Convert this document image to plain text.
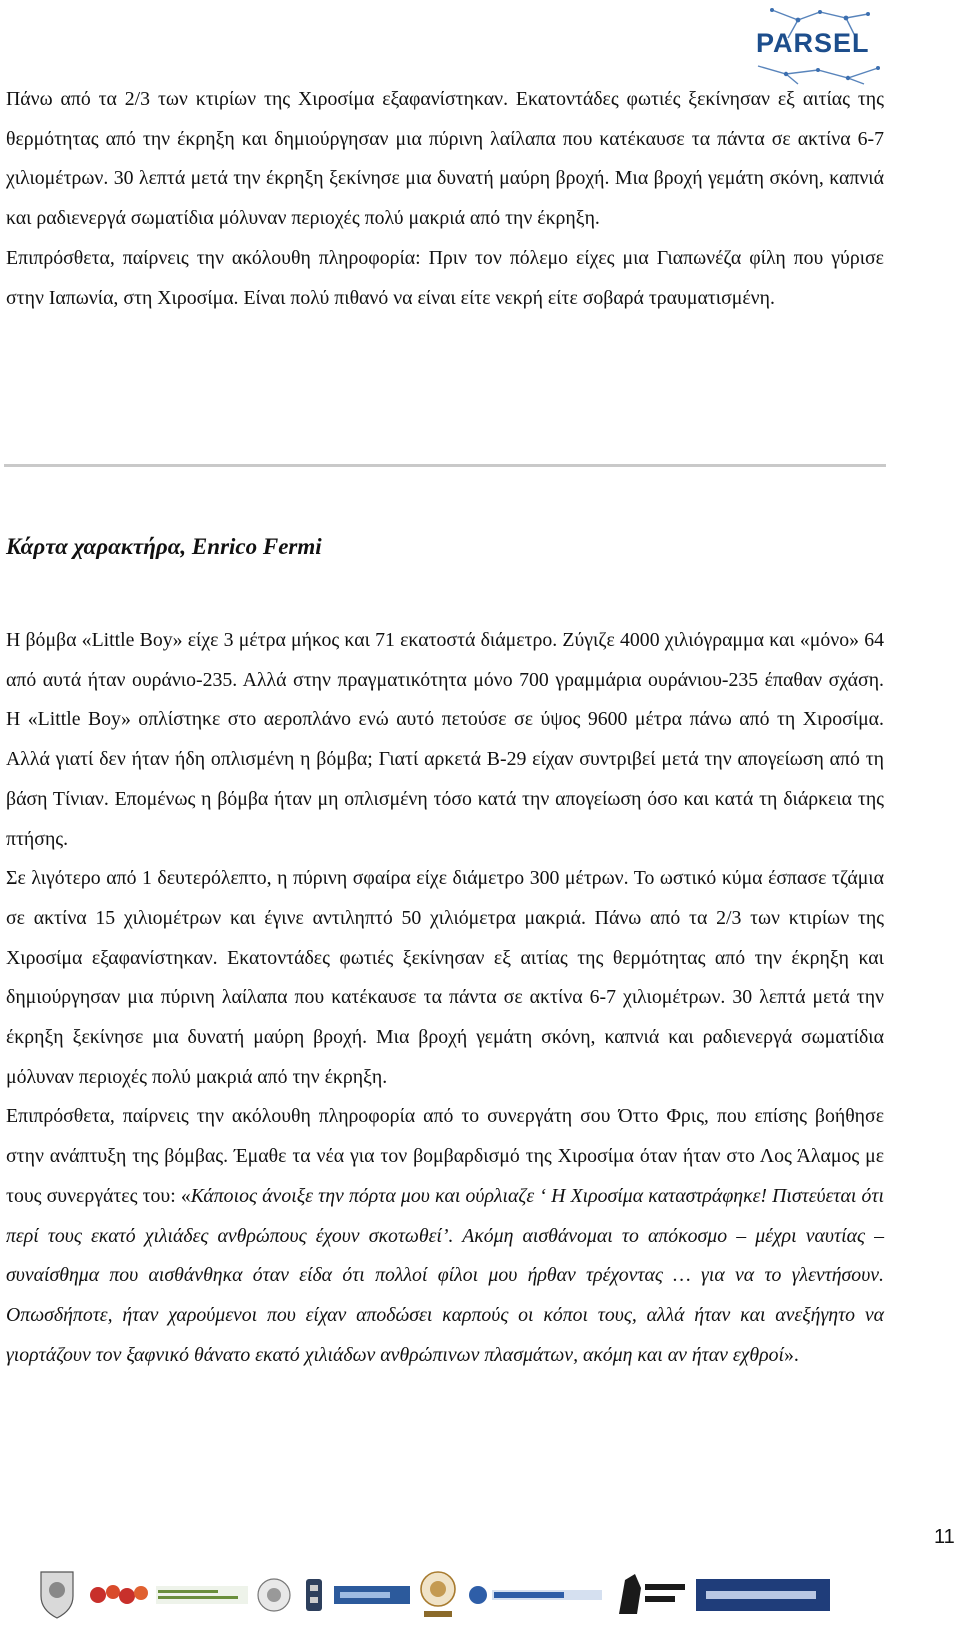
PARSEL

Πάνω από τα 2/3 των κτιρίων της Χιροσίμα εξαφανίστηκαν. Εκατοντάδες φωτιές ξεκίνησαν εξ αιτίας της θερμότητας από την έκρηξη και δημιούργησαν μια πύρινη λαίλαπα που κατέκαυσε τα πάντα σε ακτίνα 6-7 χιλιομέτρων. 30 λεπτά μετά την έκρηξη ξεκίνησε μια δυνατή μαύρη βροχή. Μια βροχή γεμάτη σκόνη, καπνιά και ραδιενεργά σωματίδια μόλυναν περιοχές πολύ μακριά από την έκρηξη.

Επιπρόσθετα, παίρνεις την ακόλουθη πληροφορία: Πριν τον πόλεμο είχες μια Γιαπωνέζα φίλη που γύρισε στην Ιαπωνία, στη Χιροσίμα. Είναι πολύ πιθανό να είναι είτε νεκρή είτε σοβαρά τραυματισμένη.

Κάρτα χαρακτήρα, Enrico Fermi

Η βόμβα «Little Boy» είχε 3 μέτρα μήκος και 71 εκατοστά διάμετρο. Ζύγιζε 4000 χιλιόγραμμα και «μόνο» 64 από αυτά ήταν ουράνιο-235. Αλλά στην πραγματικότητα μόνο 700 γραμμάρια ουράνιου-235 έπαθαν σχάση. Η «Little Boy» οπλίστηκε στο αεροπλάνο ενώ αυτό πετούσε σε ύψος 9600 μέτρα πάνω από τη Χιροσίμα. Αλλά γιατί δεν ήταν ήδη οπλισμένη η βόμβα; Γιατί αρκετά B-29 είχαν συντριβεί μετά την απογείωση από τη βάση Τίνιαν. Επομένως η βόμβα ήταν μη οπλισμένη τόσο κατά την απογείωση όσο και κατά τη διάρκεια της πτήσης.

Σε λιγότερο από 1 δευτερόλεπτο, η πύρινη σφαίρα είχε διάμετρο 300 μέτρων. Το ωστικό κύμα έσπασε τζάμια σε ακτίνα 15 χιλιομέτρων και έγινε αντιληπτό 50 χιλιόμετρα μακριά. Πάνω από τα 2/3 των κτιρίων της Χιροσίμα εξαφανίστηκαν. Εκατοντάδες φωτιές ξεκίνησαν εξ αιτίας της θερμότητας από την έκρηξη και δημιούργησαν μια πύρινη λαίλαπα που κατέκαυσε τα πάντα σε ακτίνα 6-7 χιλιομέτρων. 30 λεπτά μετά την έκρηξη ξεκίνησε μια δυνατή μαύρη βροχή. Μια βροχή γεμάτη σκόνη, καπνιά και ραδιενεργά σωματίδια μόλυναν περιοχές πολύ μακριά από την έκρηξη.

Επιπρόσθετα, παίρνεις την ακόλουθη πληροφορία από το συνεργάτη σου Όττο Φρις, που επίσης βοήθησε στην ανάπτυξη της βόμβας. Έμαθε τα νέα για τον βομβαρδισμό της Χιροσίμα όταν ήταν στο Λος Άλαμος με τους συνεργάτες του: «Κάποιος άνοιξε την πόρτα μου και ούρλιαζε ‘ Η Χιροσίμα καταστράφηκε! Πιστεύεται ότι περί τους εκατό χιλιάδες ανθρώπους έχουν σκοτωθεί’. Ακόμη αισθάνομαι το απόκοσμο – μέχρι ναυτίας – συναίσθημα που αισθάνθηκα όταν είδα ότι πολλοί φίλοι μου ήρθαν τρέχοντας … για να το γλεντήσουν. Οπωσδήποτε, ήταν χαρούμενοι που είχαν αποδώσει καρπούς οι κόποι τους, αλλά ήταν και ανεξήγητο να γιορτάζουν τον ξαφνικό θάνατο εκατό χιλιάδων ανθρώπινων πλασμάτων, ακόμη και αν ήταν εχθροί».

11
